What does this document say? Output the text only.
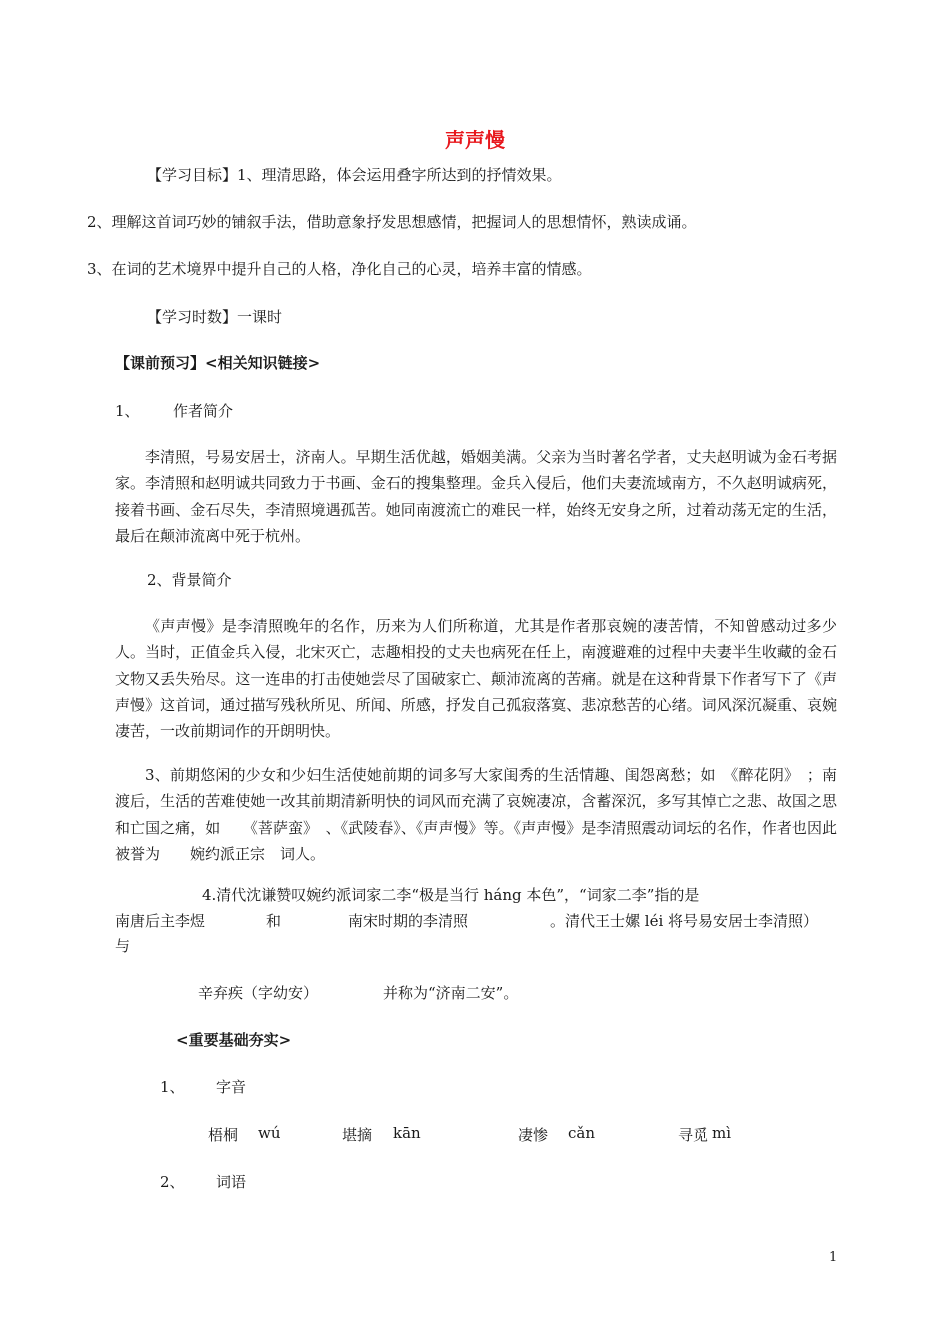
声声慢
【学习目标】1、理清思路，体会运用叠字所达到的抒情效果。
2、理解这首词巧妙的铺叙手法，借助意象抒发思想感情，把握词人的思想情怀，熟读成诵。
3、在词的艺术境界中提升自己的人格，净化自己的心灵，培养丰富的情感。
【学习时数】一课时
【课前预习】<相关知识链接>
1、 作者简介
李清照，号易安居士，济南人。早期生活优越，婚姻美满。父亲为当时著名学者，丈夫赵明诚为金石考据家。李清照和赵明诚共同致力于书画、金石的搜集整理。金兵入侵后，他们夫妻流域南方，不久赵明诚病死，接着书画、金石尽失，李清照境遇孤苦。她同南渡流亡的难民一样，始终无安身之所，过着动荡无定的生活，最后在颠沛流离中死于杭州。
2、背景简介
《声声慢》是李清照晚年的名作，历来为人们所称道，尤其是作者那哀婉的凄苦情，不知曾感动过多少人。当时，正值金兵入侵，北宋灭亡，志趣相投的丈夫也病死在任上，南渡避难的过程中夫妻半生收藏的金石文物又丢失殆尽。这一连串的打击使她尝尽了国破家亡、颠沛流离的苦痛。就是在这种背景下作者写下了《声声慢》这首词，通过描写残秋所见、所闻、所感，抒发自己孤寂落寞、悲凉愁苦的心绪。词风深沉凝重、哀婉凄苦，一改前期词作的开朗明快。
3、前期悠闲的少女和少妇生活使她前期的词多写大家闺秀的生活情趣、闺怨离愁；如　《醉花阴》　；南渡后，生活的苦难使她一改其前期清新明快的词风而充满了哀婉凄凉，含蓄深沉，多写其悼亡之悲、故国之思和亡国之痛，如　　《菩萨蛮》　、《武陵春》、《声声慢》等。《声声慢》是李清照震动词坛的名作，作者也因此被誉为　　婉约派正宗　词人。
4.清代沈谦赞叹婉约派词家二李“极是当行 háng 本色”，“词家二李”指的是
南唐后主李煜	和	南宋时期的李清照	。清代王士嫘 léi 将号易安居士李清照）
与
辛弃疾（字幼安）	并称为“济南二安”。
<重要基础夯实>
1、 字音
梧桐 wú	堪摘 kān	凄惨 cǎn	寻觅 mì
2、 词语
1
